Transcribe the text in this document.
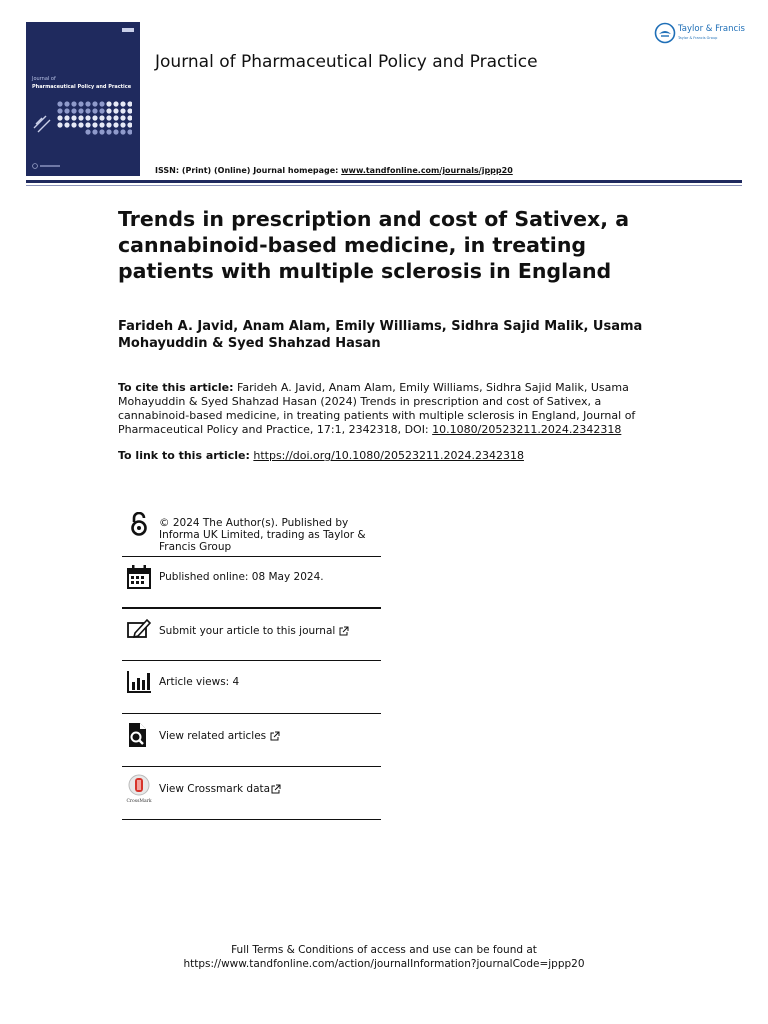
Journal of
Pharmaceutical Policy and Practice
Journal of Pharmaceutical Policy and Practice
Taylor & Francis
Taylor & Francis Group
ISSN: (Print) (Online) Journal homepage: www.tandfonline.com/journals/jppp20
Trends in prescription and cost of Sativex, a cannabinoid-based medicine, in treating patients with multiple sclerosis in England
Farideh A. Javid, Anam Alam, Emily Williams, Sidhra Sajid Malik, Usama Mohayuddin & Syed Shahzad Hasan
To cite this article: Farideh A. Javid, Anam Alam, Emily Williams, Sidhra Sajid Malik, Usama Mohayuddin & Syed Shahzad Hasan (2024) Trends in prescription and cost of Sativex, a cannabinoid-based medicine, in treating patients with multiple sclerosis in England, Journal of Pharmaceutical Policy and Practice, 17:1, 2342318, DOI: 10.1080/20523211.2024.2342318
To link to this article: https://doi.org/10.1080/20523211.2024.2342318
© 2024 The Author(s). Published by Informa UK Limited, trading as Taylor & Francis Group
Published online: 08 May 2024.
Submit your article to this journal
Article views: 4
View related articles
CrossMark
View Crossmark data
Full Terms & Conditions of access and use can be found at
https://www.tandfonline.com/action/journalInformation?journalCode=jppp20
